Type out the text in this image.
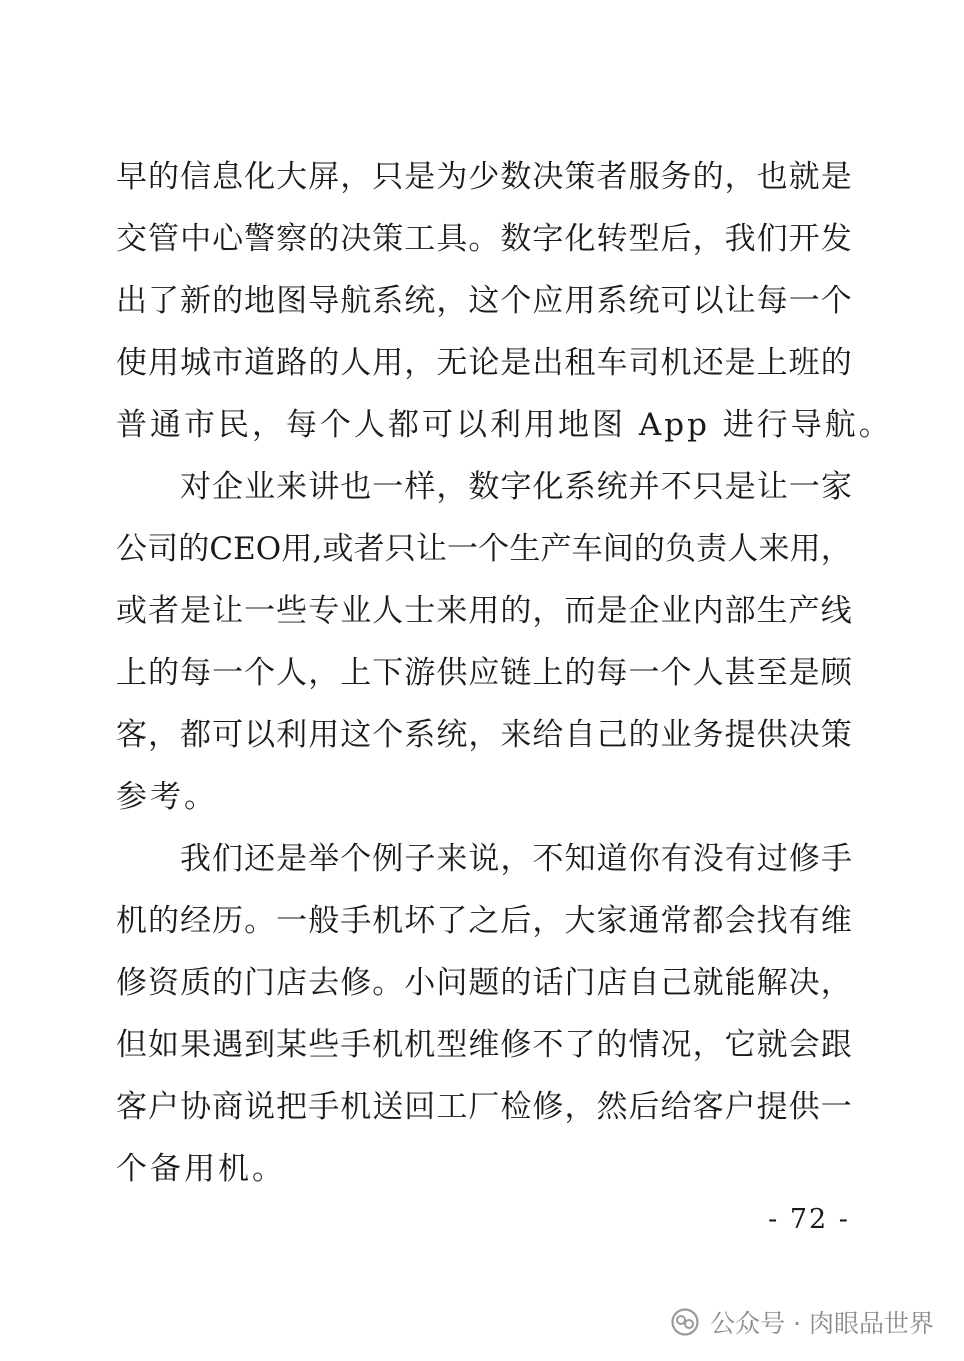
早 的 信 息 化 大 屏 ， 只 是 为 少 数 决 策 者 服 务 的 ， 也 就 是
交 管 中 心 警 察 的 决 策 工 具 。 数 字 化 转 型 后 ， 我 们 开 发
出 了 新 的 地 图 导 航 系 统 ， 这 个 应 用 系 统 可 以 让 每 一 个
使 用 城 市 道 路 的 人 用 ， 无 论 是 出 租 车 司 机 还 是 上 班 的
普通市民，每个人都可以利用地图 App 进行导航。
对 企 业 来 讲 也 一 样 ， 数 字 化 系 统 并 不 只 是 让 一 家
公 司 的 CEO 用 , 或 者 只 让 一 个 生 产 车 间 的 负 责 人 来 用 ，
或 者 是 让 一 些 专 业 人 士 来 用 的 ， 而 是 企 业 内 部 生 产 线
上 的 每 一 个 人 ， 上 下 游 供 应 链 上 的 每 一 个 人 甚 至 是 顾
客 ， 都 可 以 利 用 这 个 系 统 ， 来 给 自 己 的 业 务 提 供 决 策
参考。
我 们 还 是 举 个 例 子 来 说 ， 不 知 道 你 有 没 有 过 修 手
机 的 经 历 。 一 般 手 机 坏 了 之 后 ， 大 家 通 常 都 会 找 有 维
修 资 质 的 门 店 去 修 。 小 问 题 的 话 门 店 自 己 就 能 解 决 ，
但 如 果 遇 到 某 些 手 机 机 型 维 修 不 了 的 情 况 ， 它 就 会 跟
客 户 协 商 说 把 手 机 送 回 工 厂 检 修 ， 然 后 给 客 户 提 供 一
个备用机。
- 72 -
公众号 · 肉眼品世界
